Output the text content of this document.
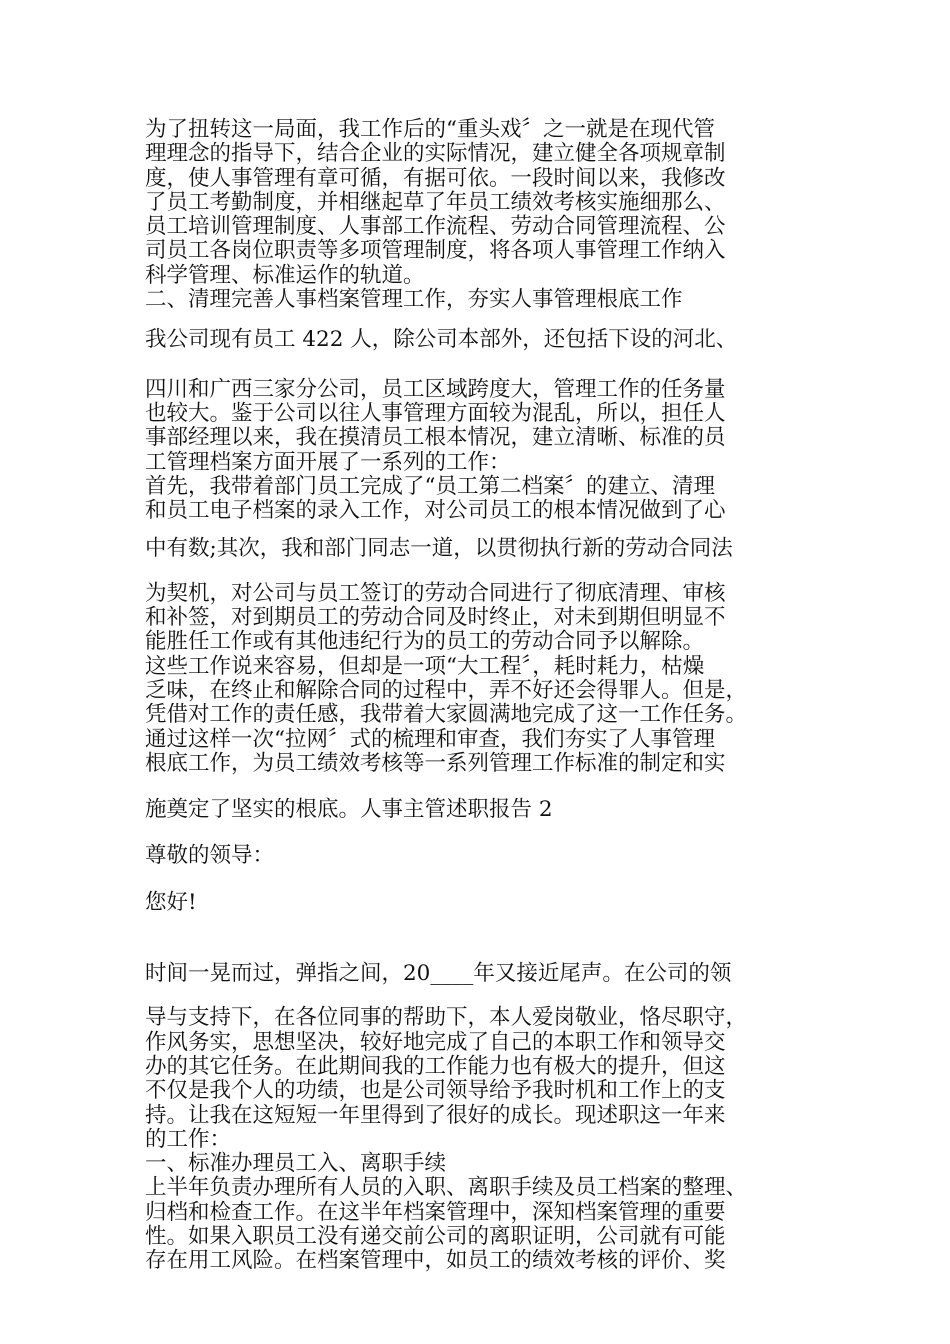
为了扭转这一局面，我工作后的“重头戏〞之一就是在现代管
理理念的指导下，结合企业的实际情况，建立健全各项规章制
度，使人事管理有章可循，有据可依。一段时间以来，我修改
了员工考勤制度，并相继起草了年员工绩效考核实施细那么、
员工培训管理制度、人事部工作流程、劳动合同管理流程、公
司员工各岗位职责等多项管理制度，将各项人事管理工作纳入
科学管理、标准运作的轨道。
二、清理完善人事档案管理工作，夯实人事管理根底工作
我公司现有员工 422 人，除公司本部外，还包括下设的河北、
四川和广西三家分公司，员工区域跨度大，管理工作的任务量
也较大。鉴于公司以往人事管理方面较为混乱，所以，担任人
事部经理以来，我在摸清员工根本情况，建立清晰、标准的员
工管理档案方面开展了一系列的工作：
首先，我带着部门员工完成了“员工第二档案〞的建立、清理
和员工电子档案的录入工作，对公司员工的根本情况做到了心
中有数;其次，我和部门同志一道，以贯彻执行新的劳动合同法
为契机，对公司与员工签订的劳动合同进行了彻底清理、审核
和补签，对到期员工的劳动合同及时终止，对未到期但明显不
能胜任工作或有其他违纪行为的员工的劳动合同予以解除。
这些工作说来容易，但却是一项“大工程〞，耗时耗力，枯燥
乏味，在终止和解除合同的过程中，弄不好还会得罪人。但是，
凭借对工作的责任感，我带着大家圆满地完成了这一工作任务。
通过这样一次“拉网〞式的梳理和审查，我们夯实了人事管理
根底工作，为员工绩效考核等一系列管理工作标准的制定和实
施奠定了坚实的根底。人事主管述职报告 2
尊敬的领导：
您好!
时间一晃而过，弹指之间，20____年又接近尾声。在公司的领
导与支持下，在各位同事的帮助下，本人爱岗敬业，恪尽职守，
作风务实，思想坚决，较好地完成了自己的本职工作和领导交
办的其它任务。在此期间我的工作能力也有极大的提升，但这
不仅是我个人的功绩，也是公司领导给予我时机和工作上的支
持。让我在这短短一年里得到了很好的成长。现述职这一年来
的工作：
一、标准办理员工入、离职手续
上半年负责办理所有人员的入职、离职手续及员工档案的整理、
归档和检查工作。在这半年档案管理中，深知档案管理的重要
性。如果入职员工没有递交前公司的离职证明，公司就有可能
存在用工风险。在档案管理中，如员工的绩效考核的评价、奖
